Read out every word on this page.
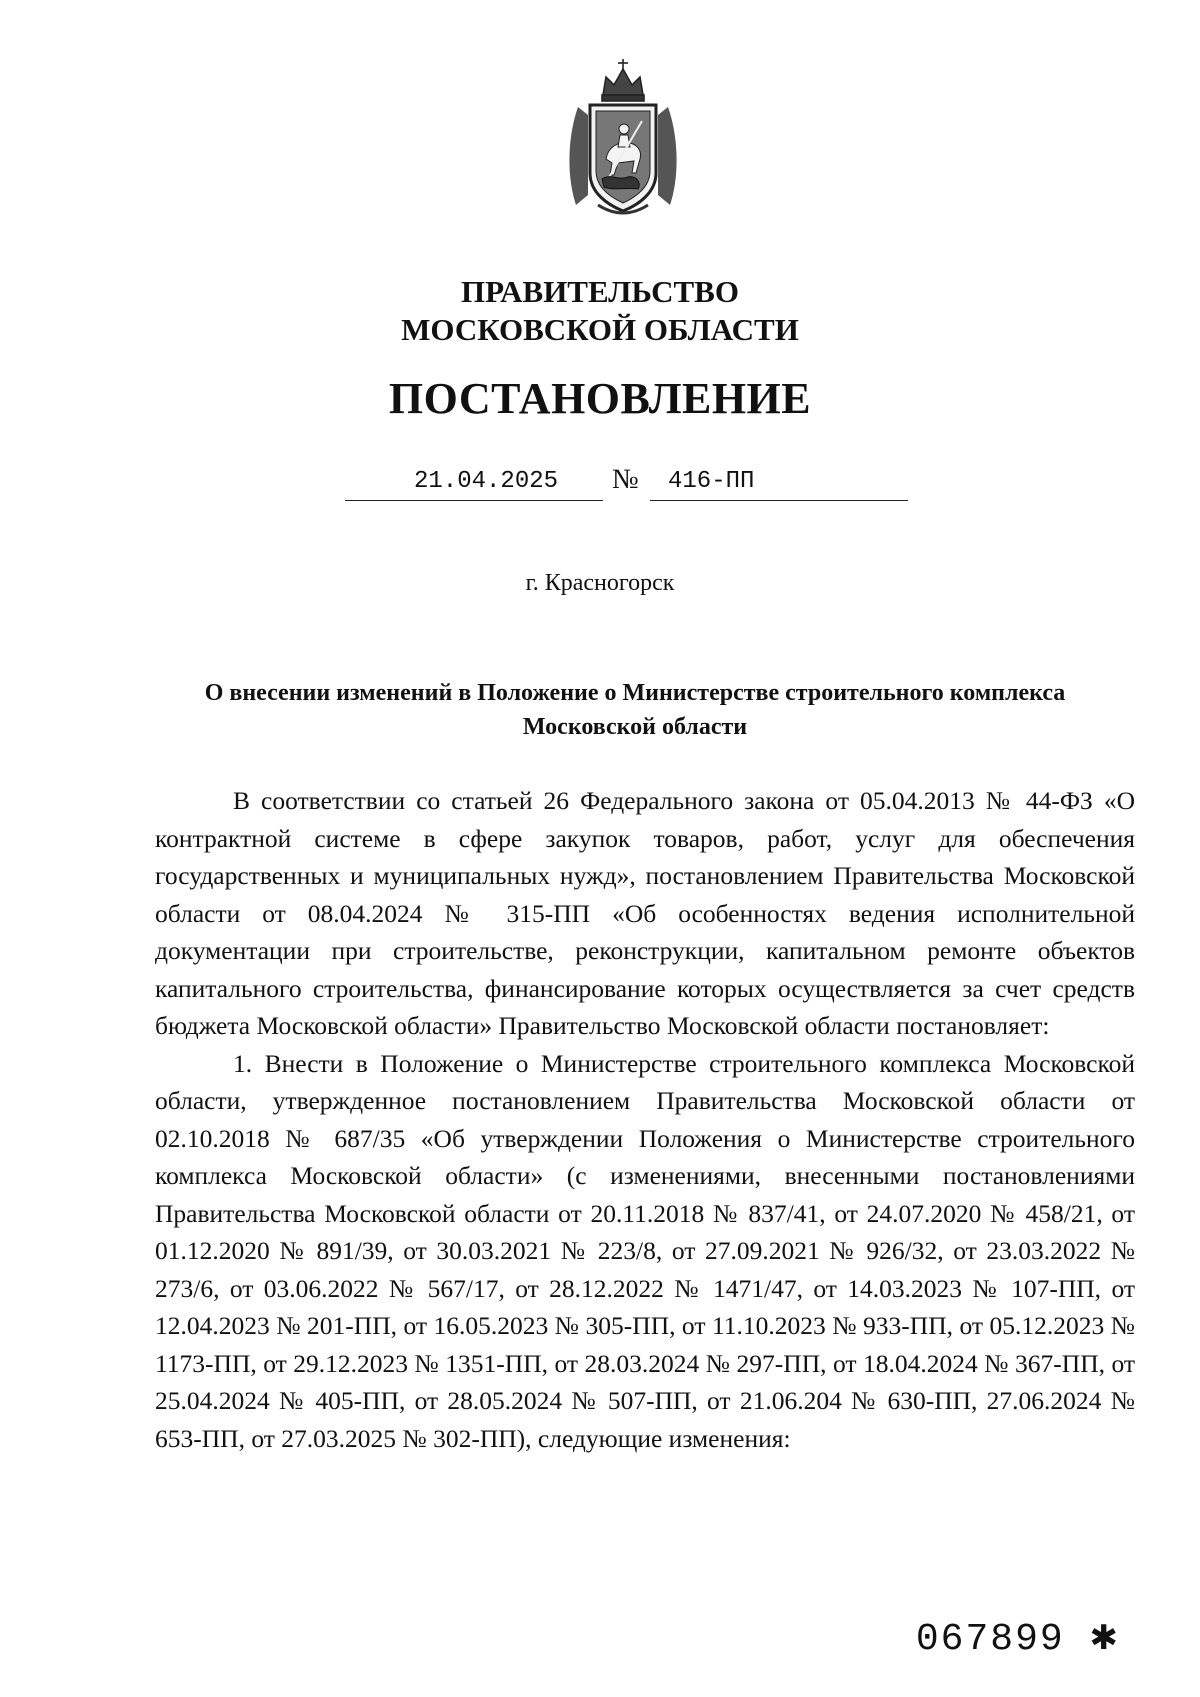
ПРАВИТЕЛЬСТВО
МОСКОВСКОЙ ОБЛАСТИ
ПОСТАНОВЛЕНИЕ
21.04.2025 № 416-ПП
г. Красногорск
О внесении изменений в Положение о Министерстве строительного комплекса Московской области

В соответствии со статьей 26 Федерального закона от 05.04.2013 № 44-ФЗ «О контрактной системе в сфере закупок товаров, работ, услуг для обеспечения государственных и муниципальных нужд», постановлением Правительства Московской области от 08.04.2024 № 315-ПП «Об особенностях ведения исполнительной документации при строительстве, реконструкции, капитальном ремонте объектов капитального строительства, финансирование которых осуществляется за счет средств бюджета Московской области» Правительство Московской области постановляет:

1. Внести в Положение о Министерстве строительного комплекса Московской области, утвержденное постановлением Правительства Московской области от 02.10.2018 № 687/35 «Об утверждении Положения о Министерстве строительного комплекса Московской области» (с изменениями, внесенными постановлениями Правительства Московской области от 20.11.2018 № 837/41, от 24.07.2020 № 458/21, от 01.12.2020 № 891/39, от 30.03.2021 № 223/8, от 27.09.2021 № 926/32, от 23.03.2022 № 273/6, от 03.06.2022 № 567/17, от 28.12.2022 № 1471/47, от 14.03.2023 № 107-ПП, от 12.04.2023 № 201-ПП, от 16.05.2023 № 305-ПП, от 11.10.2023 № 933-ПП, от 05.12.2023 № 1173-ПП, от 29.12.2023 № 1351-ПП, от 28.03.2024 № 297-ПП, от 18.04.2024 № 367-ПП, от 25.04.2024 № 405-ПП, от 28.05.2024 № 507-ПП, от 21.06.204 № 630-ПП, 27.06.2024 № 653-ПП, от 27.03.2025 № 302-ПП), следующие изменения:

067899 ✱
